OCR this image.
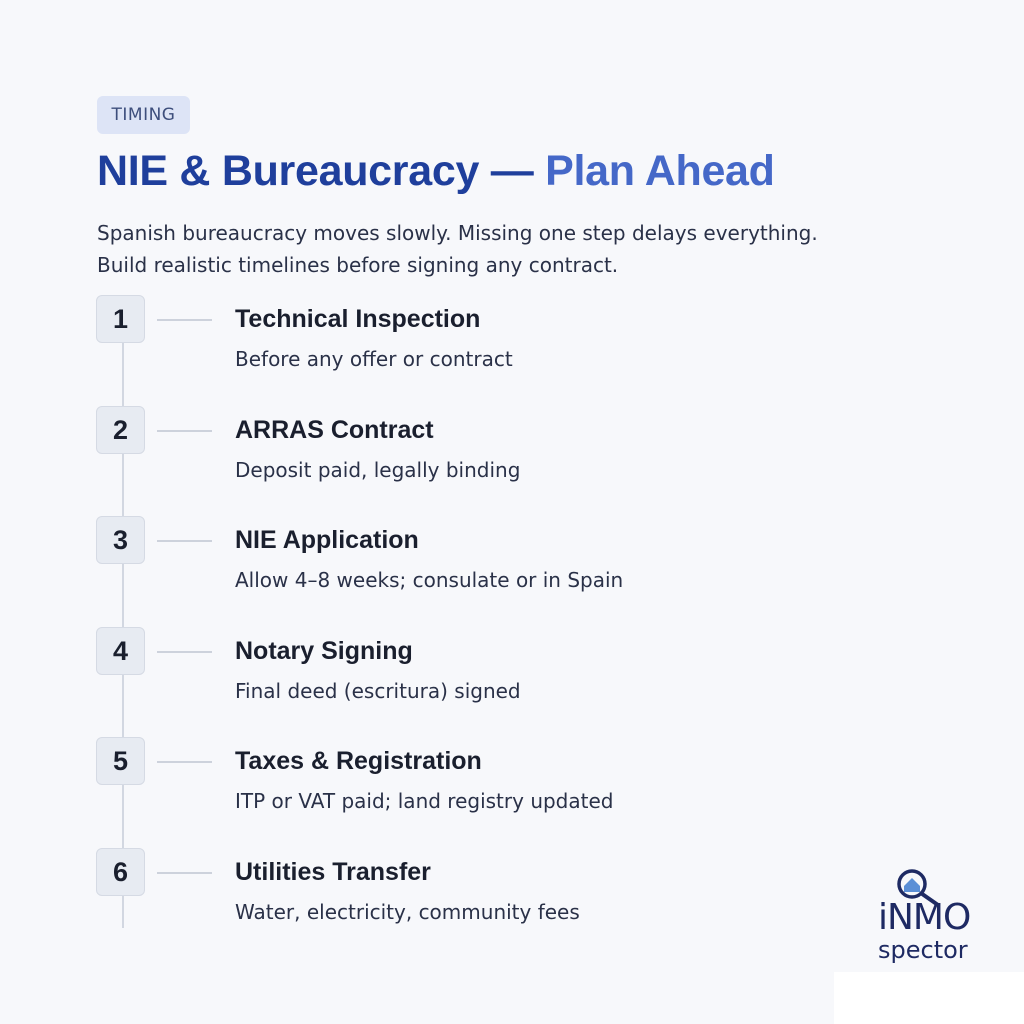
TIMING
NIE & Bureaucracy — Plan Ahead

Spanish bureaucracy moves slowly. Missing one step delays everything.
Build realistic timelines before signing any contract.

1	Technical Inspection
Before any offer or contract
2	ARRAS Contract
Deposit paid, legally binding
3	NIE Application
Allow 4–8 weeks; consulate or in Spain
4	Notary Signing
Final deed (escritura) signed
5	Taxes & Registration
ITP or VAT paid; land registry updated
6	Utilities Transfer
Water, electricity, community fees	iNMO
spector
